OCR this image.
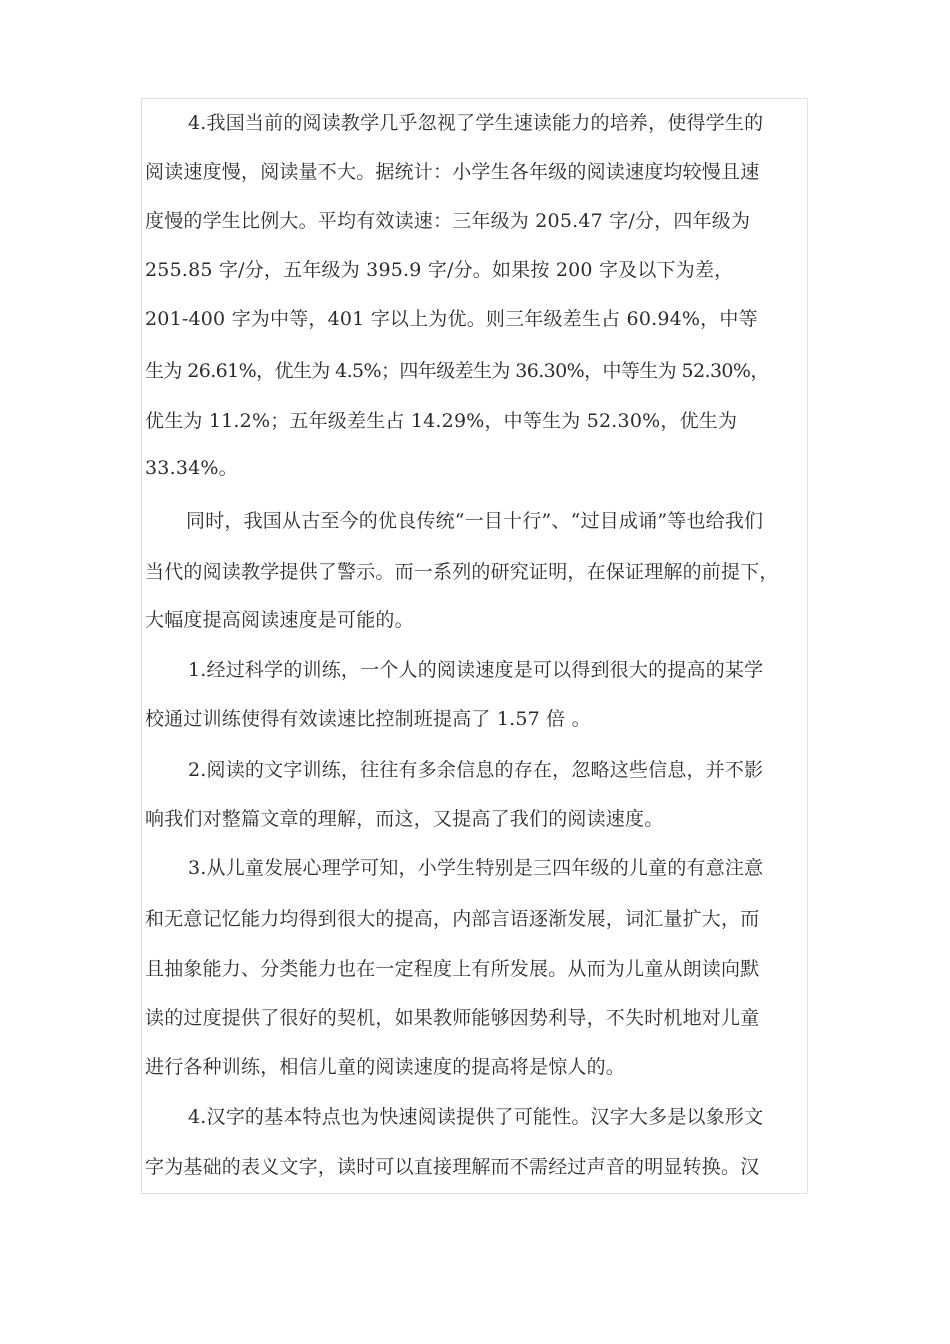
4.我国当前的阅读教学几乎忽视了学生速读能力的培养，使得学生的
阅读速度慢，阅读量不大。据统计：小学生各年级的阅读速度均较慢且速
度慢的学生比例大。平均有效读速：三年级为 205.47 字/分，四年级为
255.85 字/分，五年级为 395.9 字/分。如果按 200 字及以下为差，
201-400 字为中等，401 字以上为优。则三年级差生占 60.94%，中等
生为 26.61%，优生为 4.5%；四年级差生为 36.30%，中等生为 52.30%，
优生为 11.2%；五年级差生占 14.29%，中等生为 52.30%，优生为
33.34%。
同时，我国从古至今的优良传统“一目十行”、“过目成诵”等也给我们
当代的阅读教学提供了警示。而一系列的研究证明，在保证理解的前提下，
大幅度提高阅读速度是可能的。
1.经过科学的训练，一个人的阅读速度是可以得到很大的提高的某学
校通过训练使得有效读速比控制班提高了 1.57 倍 。
2.阅读的文字训练，往往有多余信息的存在，忽略这些信息，并不影
响我们对整篇文章的理解，而这，又提高了我们的阅读速度。
3.从儿童发展心理学可知，小学生特别是三四年级的儿童的有意注意
和无意记忆能力均得到很大的提高，内部言语逐渐发展，词汇量扩大，而
且抽象能力、分类能力也在一定程度上有所发展。从而为儿童从朗读向默
读的过度提供了很好的契机，如果教师能够因势利导，不失时机地对儿童
进行各种训练，相信儿童的阅读速度的提高将是惊人的。
4.汉字的基本特点也为快速阅读提供了可能性。汉字大多是以象形文
字为基础的表义文字，读时可以直接理解而不需经过声音的明显转换。汉
